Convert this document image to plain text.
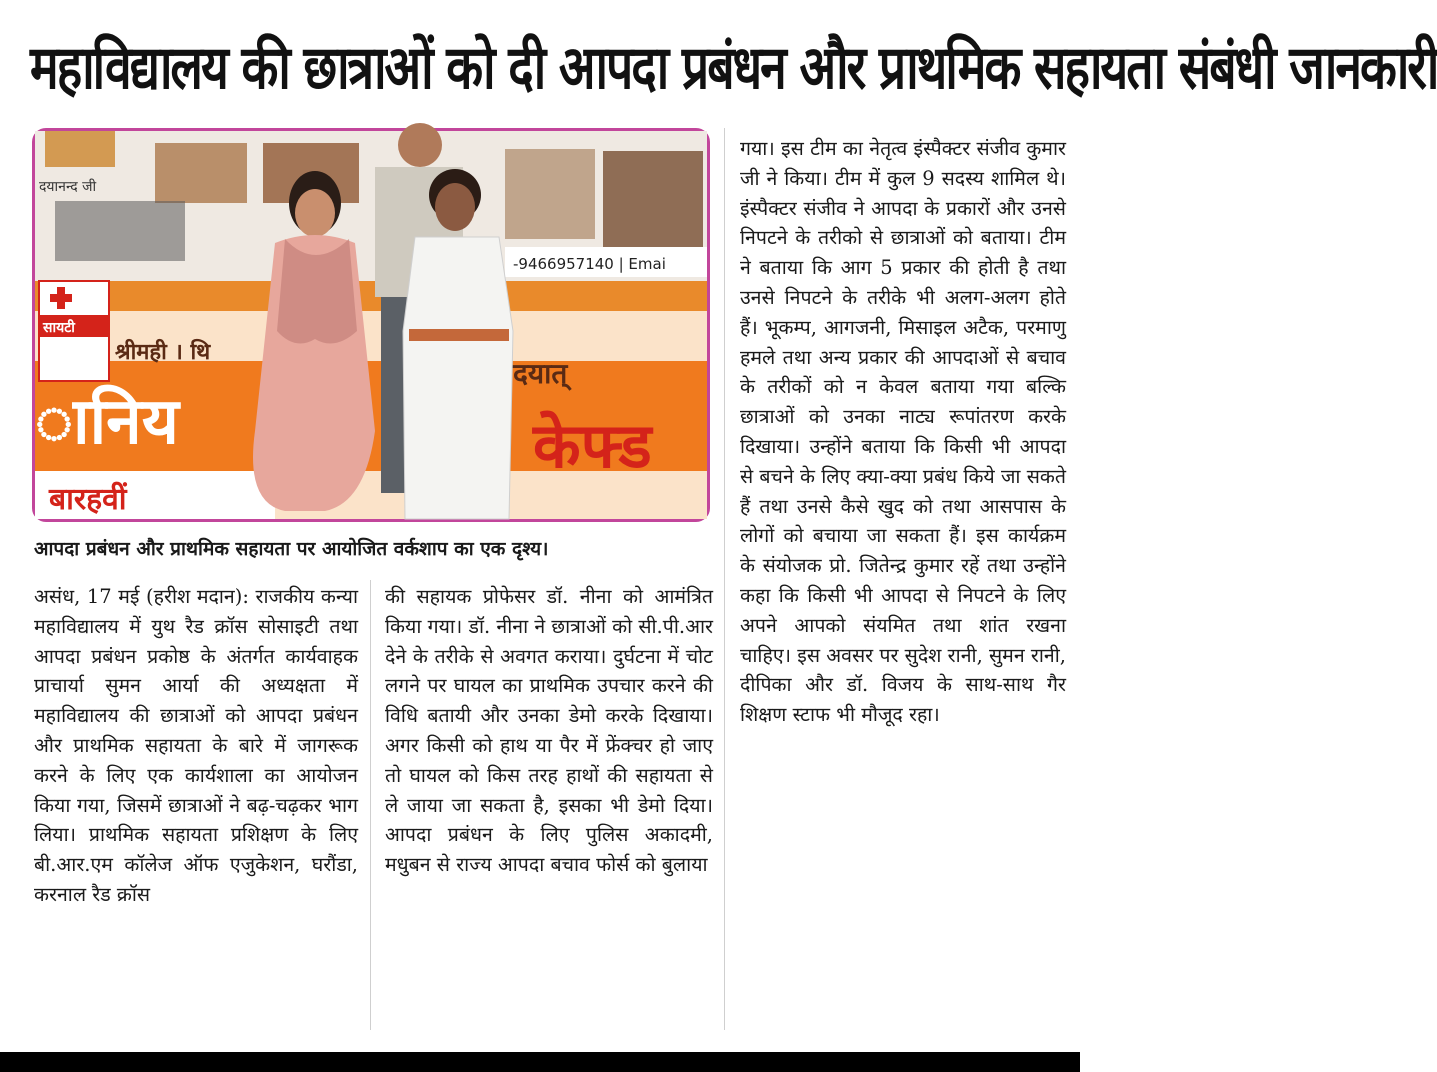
महाविद्यालय की छात्राओं को दी आपदा प्रबंधन और प्राथमिक सहायता संबंधी जानकारी
दयानन्द जी
-9466957140 | Emai
सायटी
श्रीमही । थि
दयात्
ानिय	केफ्ड
बारहवीं
आपदा प्रबंधन और प्राथमिक सहायता पर आयोजित वर्कशाप का एक दृश्य।
असंध, 17 मई (हरीश मदान): राजकीय कन्या महाविद्यालय में युथ रैड क्रॉस सोसाइटी तथा आपदा प्रबंधन प्रकोष्ठ के अंतर्गत कार्यवाहक प्राचार्या सुमन आर्या की अध्यक्षता में महाविद्यालय की छात्राओं को आपदा प्रबंधन और प्राथमिक सहायता के बारे में जागरूक करने के लिए एक कार्यशाला का आयोजन किया गया, जिसमें छात्राओं ने बढ़-चढ़कर भाग लिया। प्राथमिक सहायता प्रशिक्षण के लिए बी.आर.एम कॉलेज ऑफ एजुकेशन, घरौंडा, करनाल रैड क्रॉस
की सहायक प्रोफेसर डॉ. नीना को आमंत्रित किया गया। डॉ. नीना ने छात्राओं को सी.पी.आर देने के तरीके से अवगत कराया। दुर्घटना में चोट लगने पर घायल का प्राथमिक उपचार करने की विधि बतायी और उनका डेमो करके दिखाया। अगर किसी को हाथ या पैर में फ्रेंक्चर हो जाए तो घायल को किस तरह हाथों की सहायता से ले जाया जा सकता है, इसका भी डेमो दिया। आपदा प्रबंधन के लिए पुलिस अकादमी, मधुबन से राज्य आपदा बचाव फोर्स को बुलाया
गया। इस टीम का नेतृत्व इंस्पैक्टर संजीव कुमार जी ने किया। टीम में कुल 9 सदस्य शामिल थे। इंस्पैक्टर संजीव ने आपदा के प्रकारों और उनसे निपटने के तरीको से छात्राओं को बताया। टीम ने बताया कि आग 5 प्रकार की होती है तथा उनसे निपटने के तरीके भी अलग-अलग होते हैं। भूकम्प, आगजनी, मिसाइल अटैक, परमाणु हमले तथा अन्य प्रकार की आपदाओं से बचाव के तरीकों को न केवल बताया गया बल्कि छात्राओं को उनका नाट्य रूपांतरण करके दिखाया। उन्होंने बताया कि किसी भी आपदा से बचने के लिए क्या-क्या प्रबंध किये जा सकते हैं तथा उनसे कैसे खुद को तथा आसपास के लोगों को बचाया जा सकता हैं। इस कार्यक्रम के संयोजक प्रो. जितेन्द्र कुमार रहें तथा उन्होंने कहा कि किसी भी आपदा से निपटने के लिए अपने आपको संयमित तथा शांत रखना चाहिए। इस अवसर पर सुदेश रानी, सुमन रानी, दीपिका और डॉ. विजय के साथ-साथ गैर शिक्षण स्टाफ भी मौजूद रहा।
